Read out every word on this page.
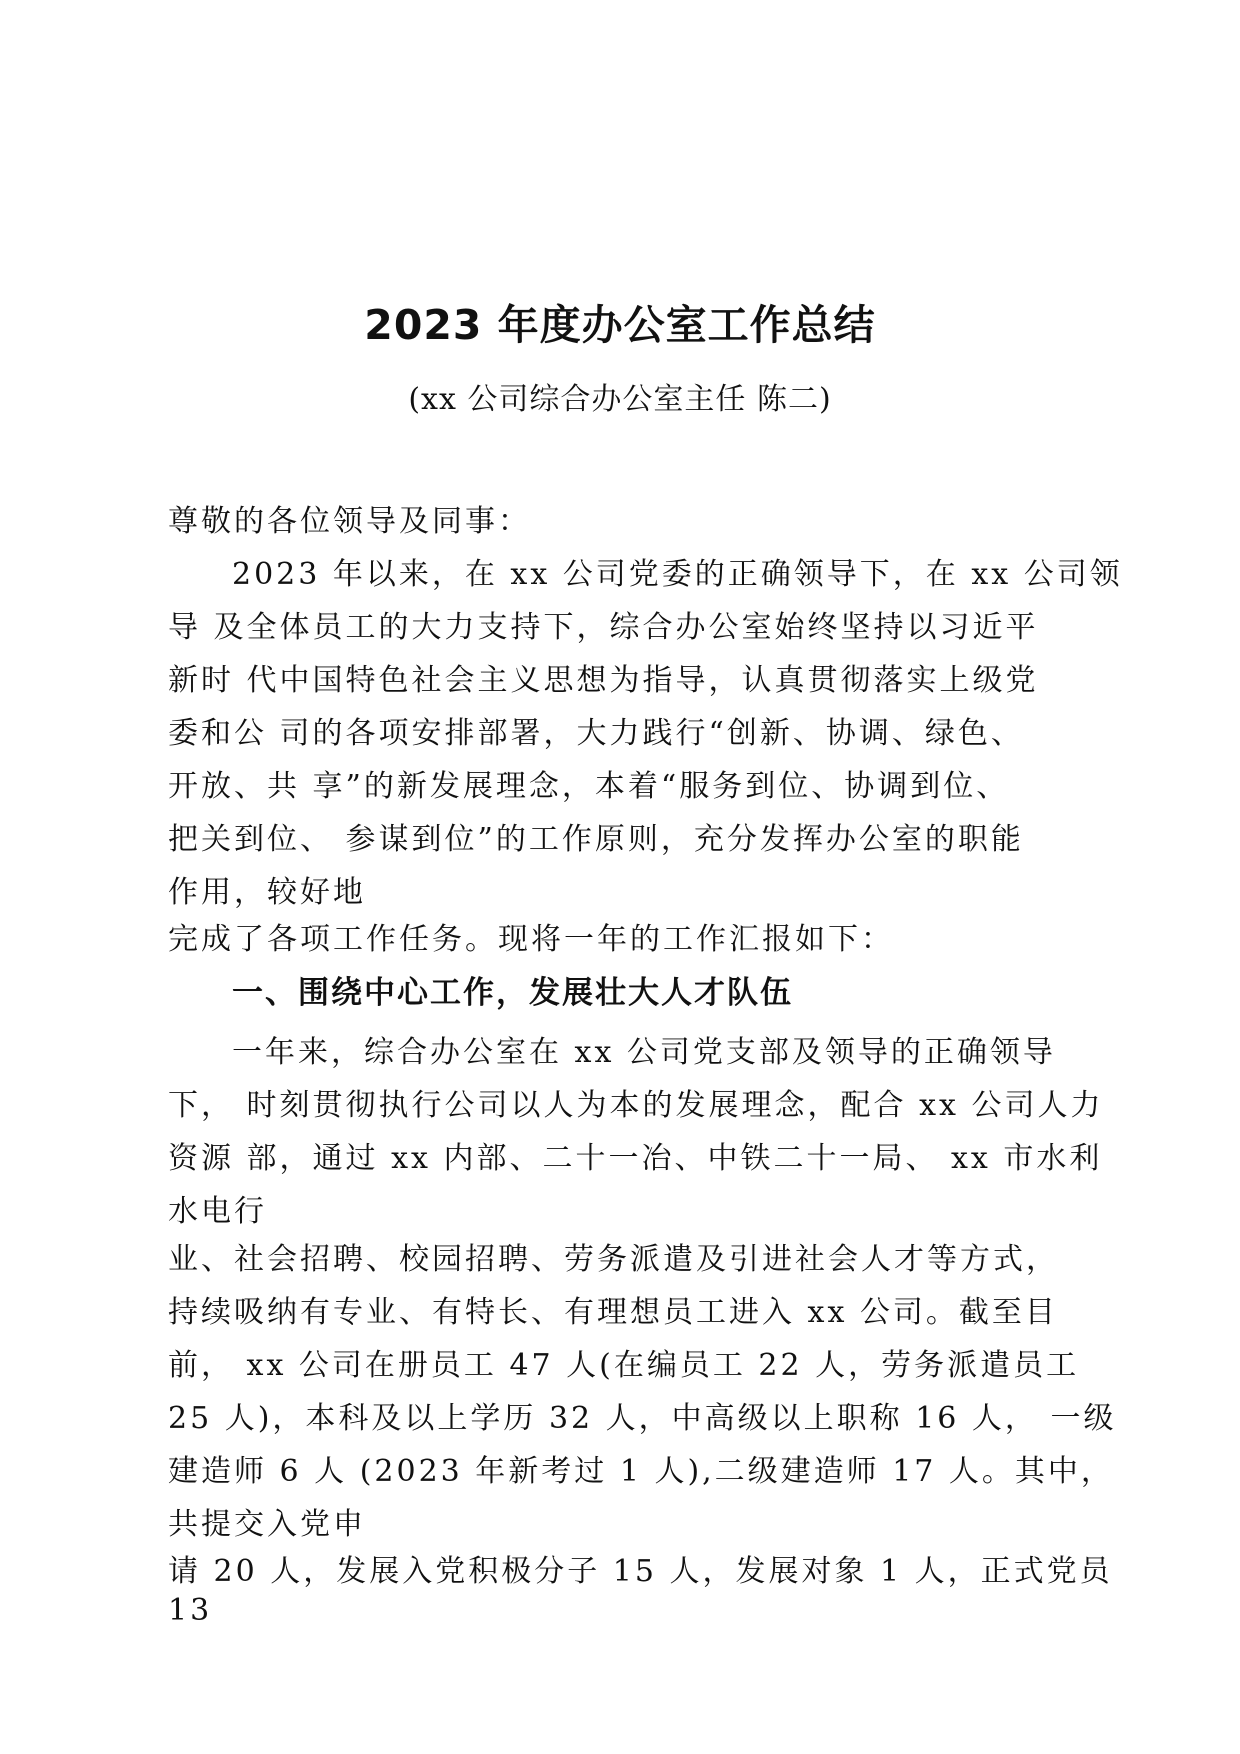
2023 年度办公室工作总结

(xx 公司综合办公室主任 陈二)

尊敬的各位领导及同事：

2023 年以来，在 xx 公司党委的正确领导下，在 xx 公司领

导 及全体员工的大力支持下，综合办公室始终坚持以习近平

新时 代中国特色社会主义思想为指导，认真贯彻落实上级党

委和公 司的各项安排部署，大力践行“创新、协调、绿色、

开放、共 享”的新发展理念，本着“服务到位、协调到位、

把关到位、 参谋到位”的工作原则，充分发挥办公室的职能

作用，较好地

完成了各项工作任务。现将一年的工作汇报如下：

一、围绕中心工作，发展壮大人才队伍

一年来，综合办公室在 xx 公司党支部及领导的正确领导

下， 时刻贯彻执行公司以人为本的发展理念，配合 xx 公司人力

资源 部，通过 xx 内部、二十一冶、中铁二十一局、 xx 市水利

水电行

业、社会招聘、校园招聘、劳务派遣及引进社会人才等方式，

持续吸纳有专业、有特长、有理想员工进入 xx 公司。截至目

前， xx 公司在册员工 47 人(在编员工 22 人，劳务派遣员工

25 人)，本科及以上学历 32 人，中高级以上职称 16 人， 一级

建造师 6 人 (2023 年新考过 1 人),二级建造师 17 人。其中，

共提交入党申

请 20 人，发展入党积极分子 15 人，发展对象 1 人，正式党员

13
